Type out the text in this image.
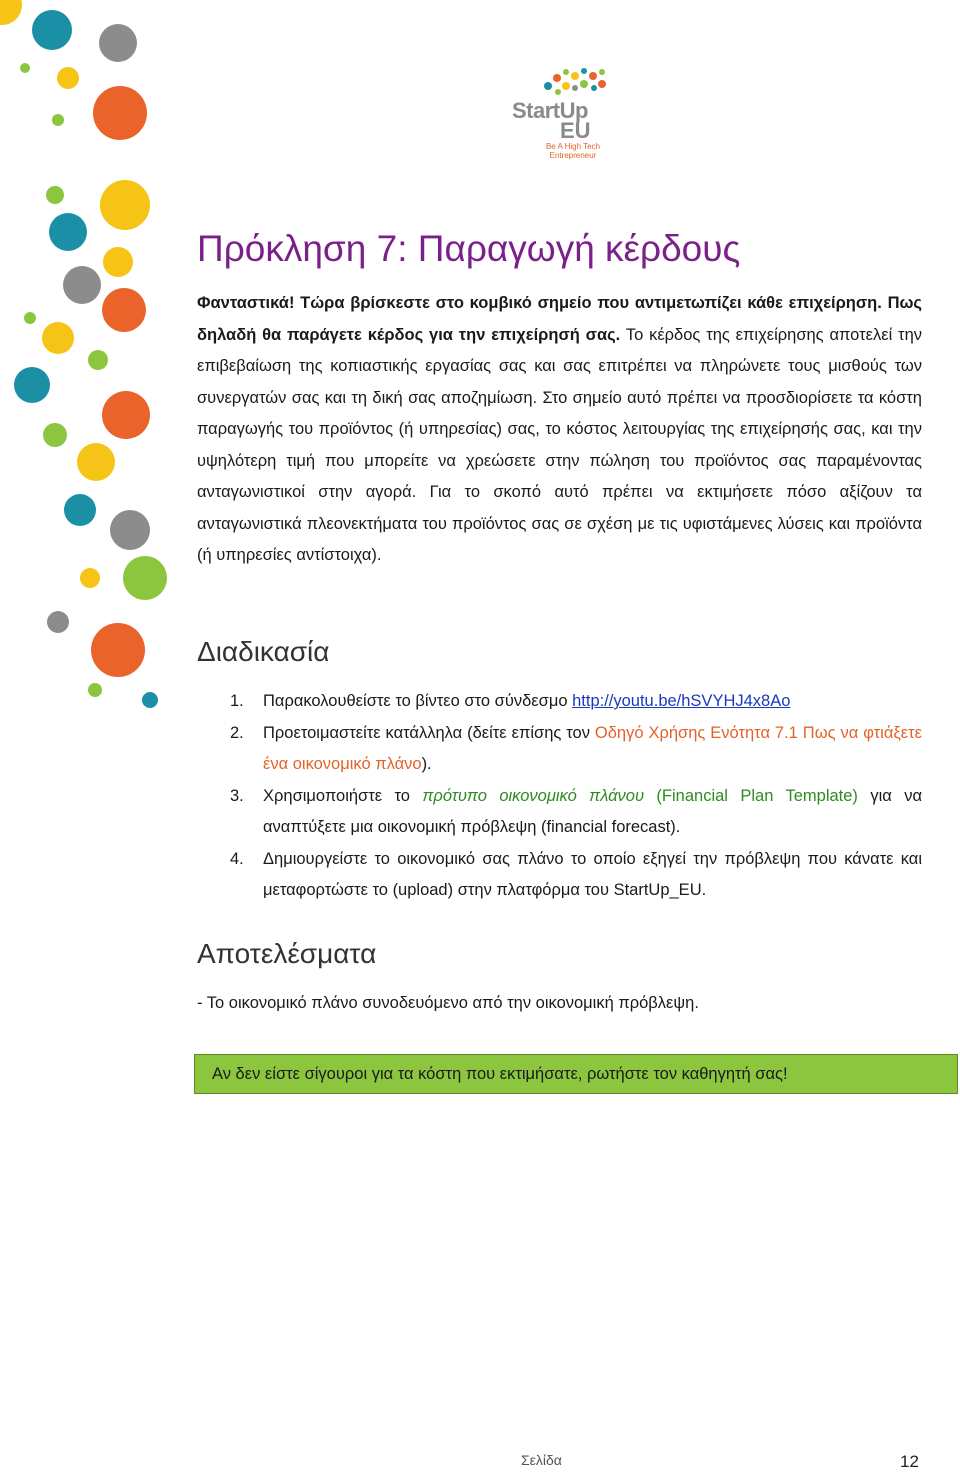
StartUp
EU
Be A High Tech
Entrepreneur
Πρόκληση 7: Παραγωγή κέρδους

Φανταστικά! Τώρα βρίσκεστε στο κομβικό σημείο που αντιμετωπίζει κάθε επιχείρηση. Πως δηλαδή θα παράγετε κέρδος για την επιχείρησή σας. Το κέρδος της επιχείρησης αποτελεί την επιβεβαίωση της κοπιαστικής εργασίας σας και σας επιτρέπει να πληρώνετε τους μισθούς των συνεργατών σας και τη δική σας αποζημίωση. Στο σημείο αυτό πρέπει να προσδιορίσετε τα κόστη παραγωγής του προϊόντος (ή υπηρεσίας) σας, το κόστος λειτουργίας της επιχείρησής σας, και την υψηλότερη τιμή που μπορείτε να χρεώσετε στην πώληση του προϊόντος σας παραμένοντας ανταγωνιστικοί στην αγορά. Για το σκοπό αυτό πρέπει να εκτιμήσετε πόσο αξίζουν τα ανταγωνιστικά πλεονεκτήματα του προϊόντος σας σε σχέση με τις υφιστάμενες λύσεις και προϊόντα (ή υπηρεσίες αντίστοιχα).

Διαδικασία
1. Παρακολουθείστε το βίντεο στο σύνδεσμο http://youtu.be/hSVYHJ4x8Ao
2. Προετοιμαστείτε κατάλληλα (δείτε επίσης τον Οδηγό Χρήσης Ενότητα 7.1 Πως να φτιάξετε ένα οικονομικό πλάνο).
3. Χρησιμοποιήστε το πρότυπο οικονομικό πλάνου (Financial Plan Template) για να αναπτύξετε μια οικονομική πρόβλεψη (financial forecast).
4. Δημιουργείστε το οικονομικό σας πλάνο το οποίο εξηγεί την πρόβλεψη που κάνατε και μεταφορτώστε το (upload) στην πλατφόρμα του StartUp_EU.
Αποτελέσματα

- Το οικονομικό πλάνο συνοδευόμενο από την οικονομική πρόβλεψη.

Αν δεν είστε σίγουροι για τα κόστη που εκτιμήσατε, ρωτήστε τον καθηγητή σας!
Σελίδα	12
